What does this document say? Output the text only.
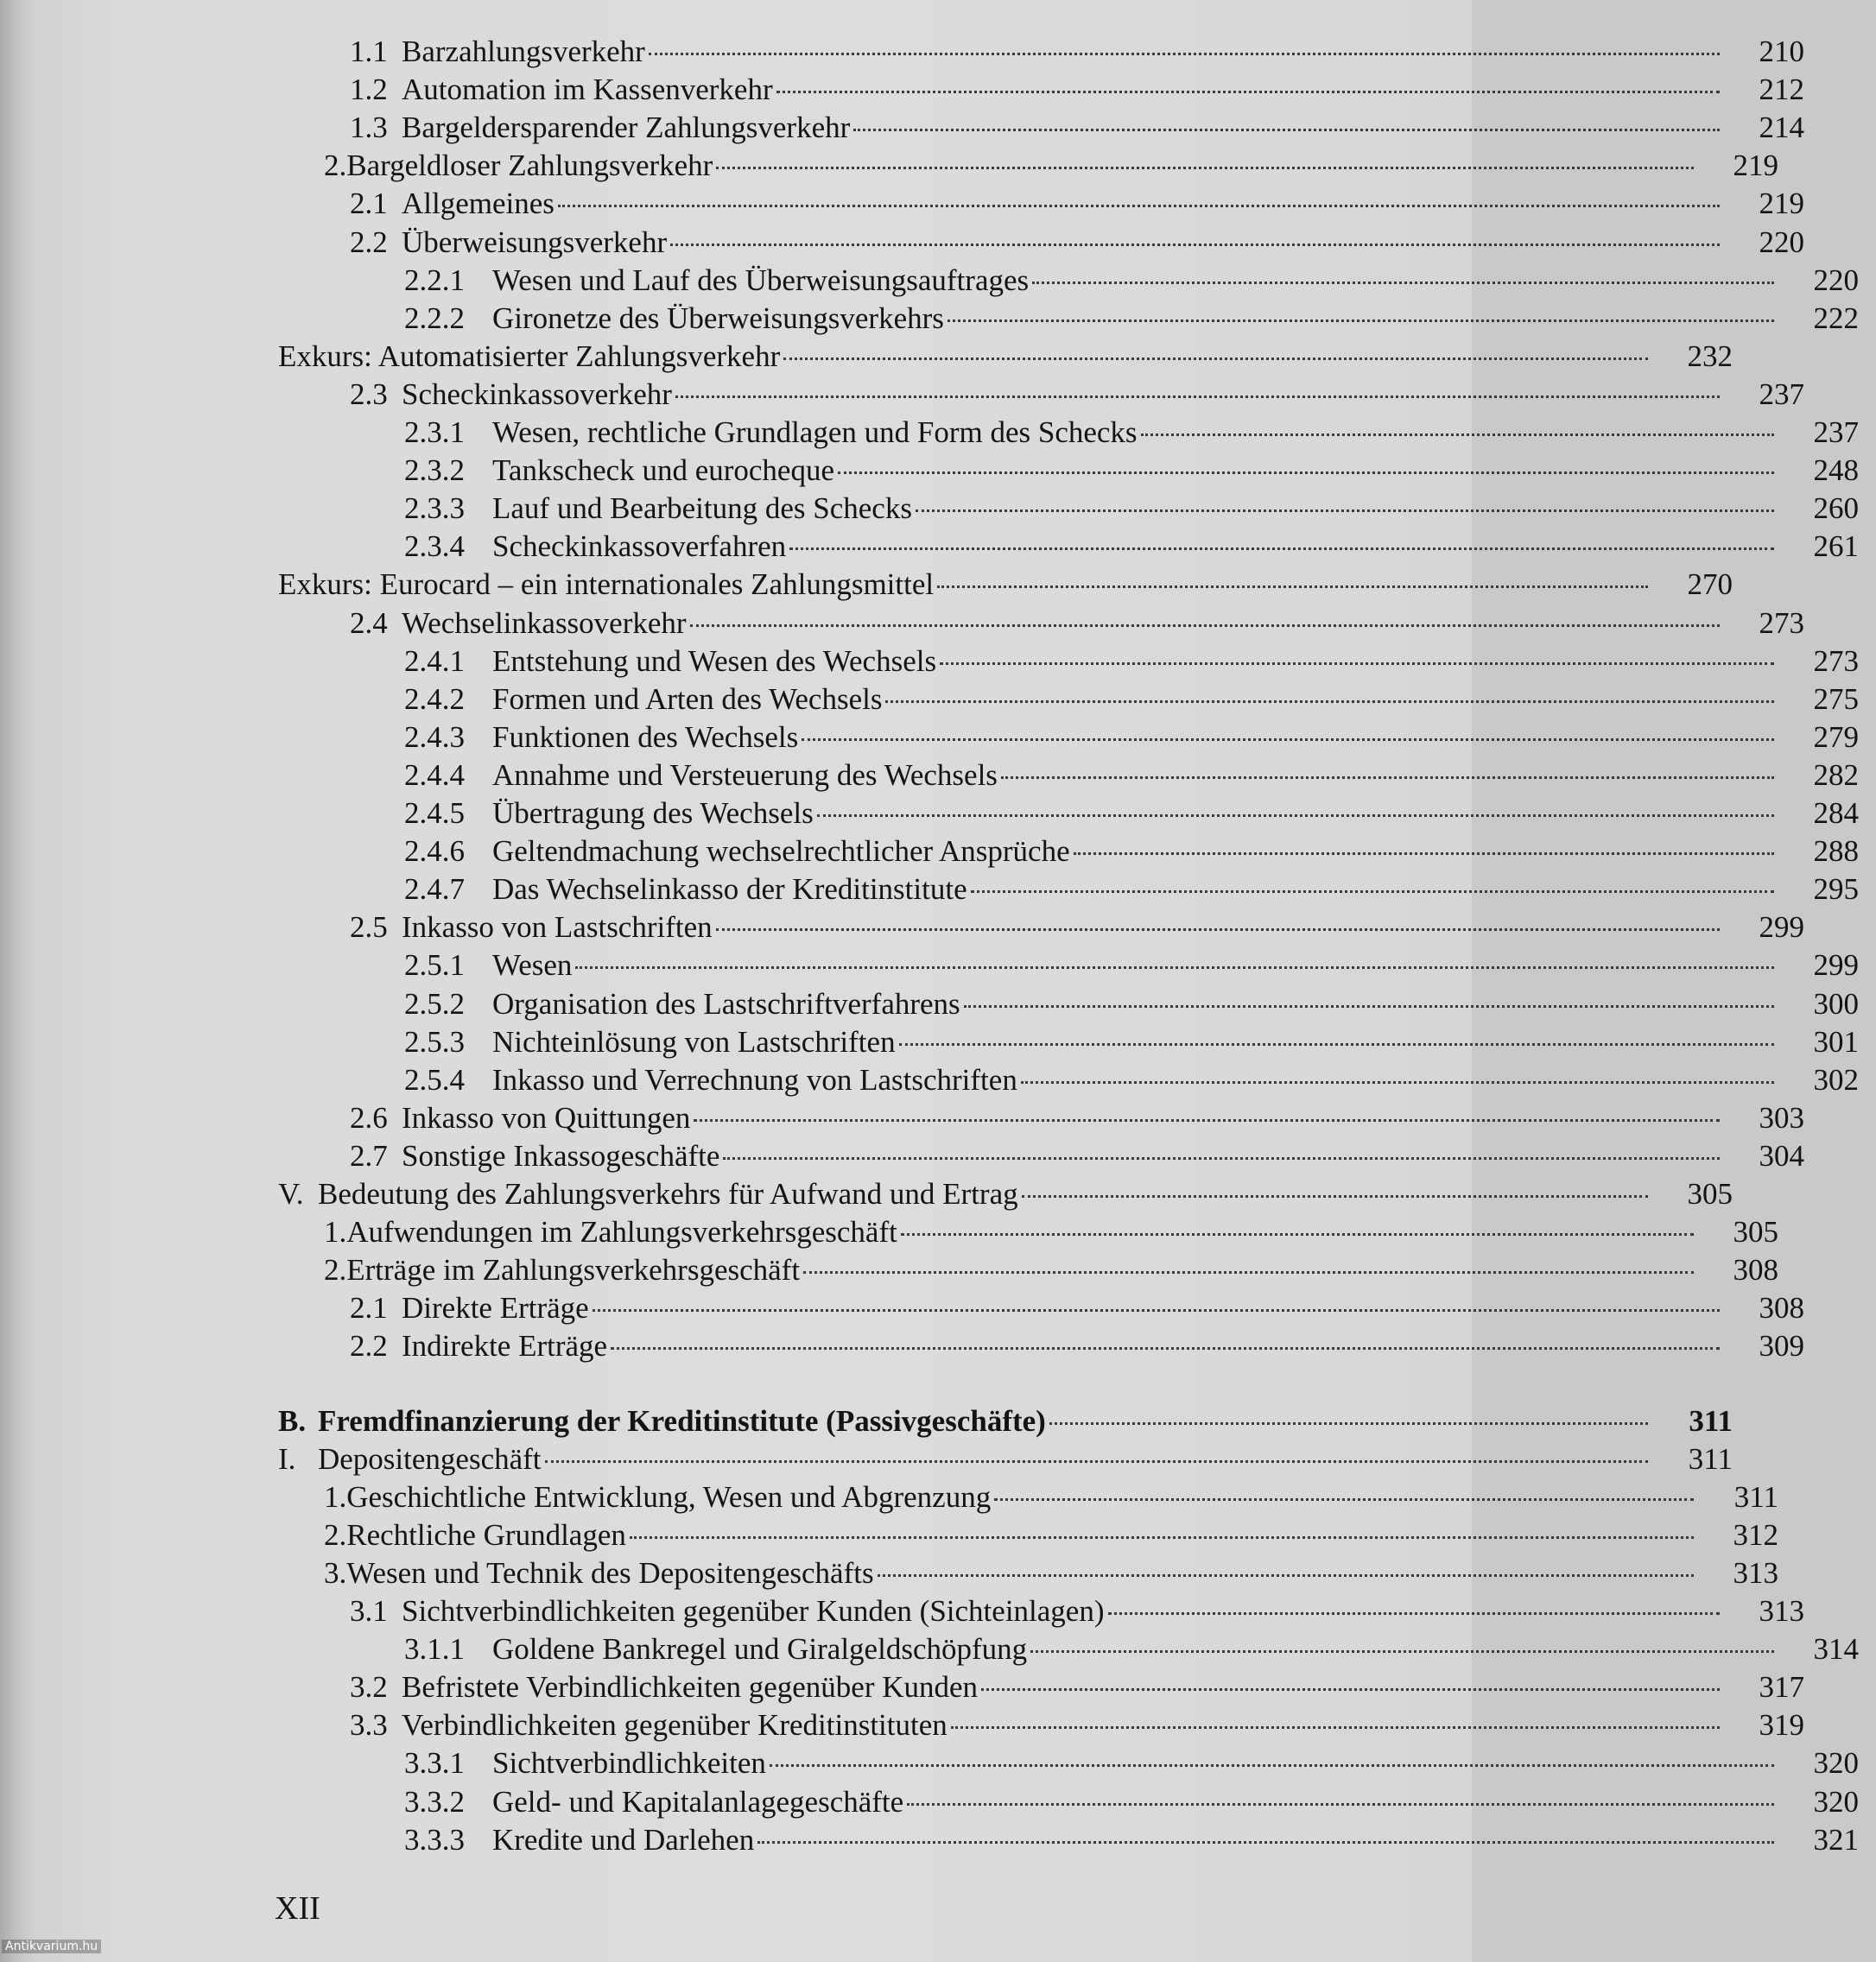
1.1 Barzahlungsverkehr	210
1.2 Automation im Kassenverkehr	212
1.3 Bargeldersparender Zahlungsverkehr	214
2.Bargeldloser Zahlungsverkehr	219
2.1 Allgemeines	219
2.2 Überweisungsverkehr	220
2.2.1 Wesen und Lauf des Überweisungsauftrages	220
2.2.2 Gironetze des Überweisungsverkehrs	222
Exkurs: Automatisierter Zahlungsverkehr	232
2.3 Scheckinkassoverkehr	237
2.3.1 Wesen, rechtliche Grundlagen und Form des Schecks	237
2.3.2 Tankscheck und eurocheque	248
2.3.3 Lauf und Bearbeitung des Schecks	260
2.3.4 Scheckinkassoverfahren	261
Exkurs: Eurocard – ein internationales Zahlungsmittel	270
2.4 Wechselinkassoverkehr	273
2.4.1 Entstehung und Wesen des Wechsels	273
2.4.2 Formen und Arten des Wechsels	275
2.4.3 Funktionen des Wechsels	279
2.4.4 Annahme und Versteuerung des Wechsels	282
2.4.5 Übertragung des Wechsels	284
2.4.6 Geltendmachung wechselrechtlicher Ansprüche	288
2.4.7 Das Wechselinkasso der Kreditinstitute	295
2.5 Inkasso von Lastschriften	299
2.5.1 Wesen	299
2.5.2 Organisation des Lastschriftverfahrens	300
2.5.3 Nichteinlösung von Lastschriften	301
2.5.4 Inkasso und Verrechnung von Lastschriften	302
2.6 Inkasso von Quittungen	303
2.7 Sonstige Inkassogeschäfte	304
V. Bedeutung des Zahlungsverkehrs für Aufwand und Ertrag	305
1.Aufwendungen im Zahlungsverkehrsgeschäft	305
2.Erträge im Zahlungsverkehrsgeschäft	308
2.1 Direkte Erträge	308
2.2 Indirekte Erträge	309
B. Fremdfinanzierung der Kreditinstitute (Passivgeschäfte)	311
I. Depositengeschäft	311
1.Geschichtliche Entwicklung, Wesen und Abgrenzung	311
2.Rechtliche Grundlagen	312
3.Wesen und Technik des Depositengeschäfts	313
3.1 Sichtverbindlichkeiten gegenüber Kunden (Sichteinlagen)	313
3.1.1 Goldene Bankregel und Giralgeldschöpfung	314
3.2 Befristete Verbindlichkeiten gegenüber Kunden	317
3.3 Verbindlichkeiten gegenüber Kreditinstituten	319
3.3.1 Sichtverbindlichkeiten	320
3.3.2 Geld- und Kapitalanlagegeschäfte	320
3.3.3 Kredite und Darlehen	321
XII
Antikvarium.hu
